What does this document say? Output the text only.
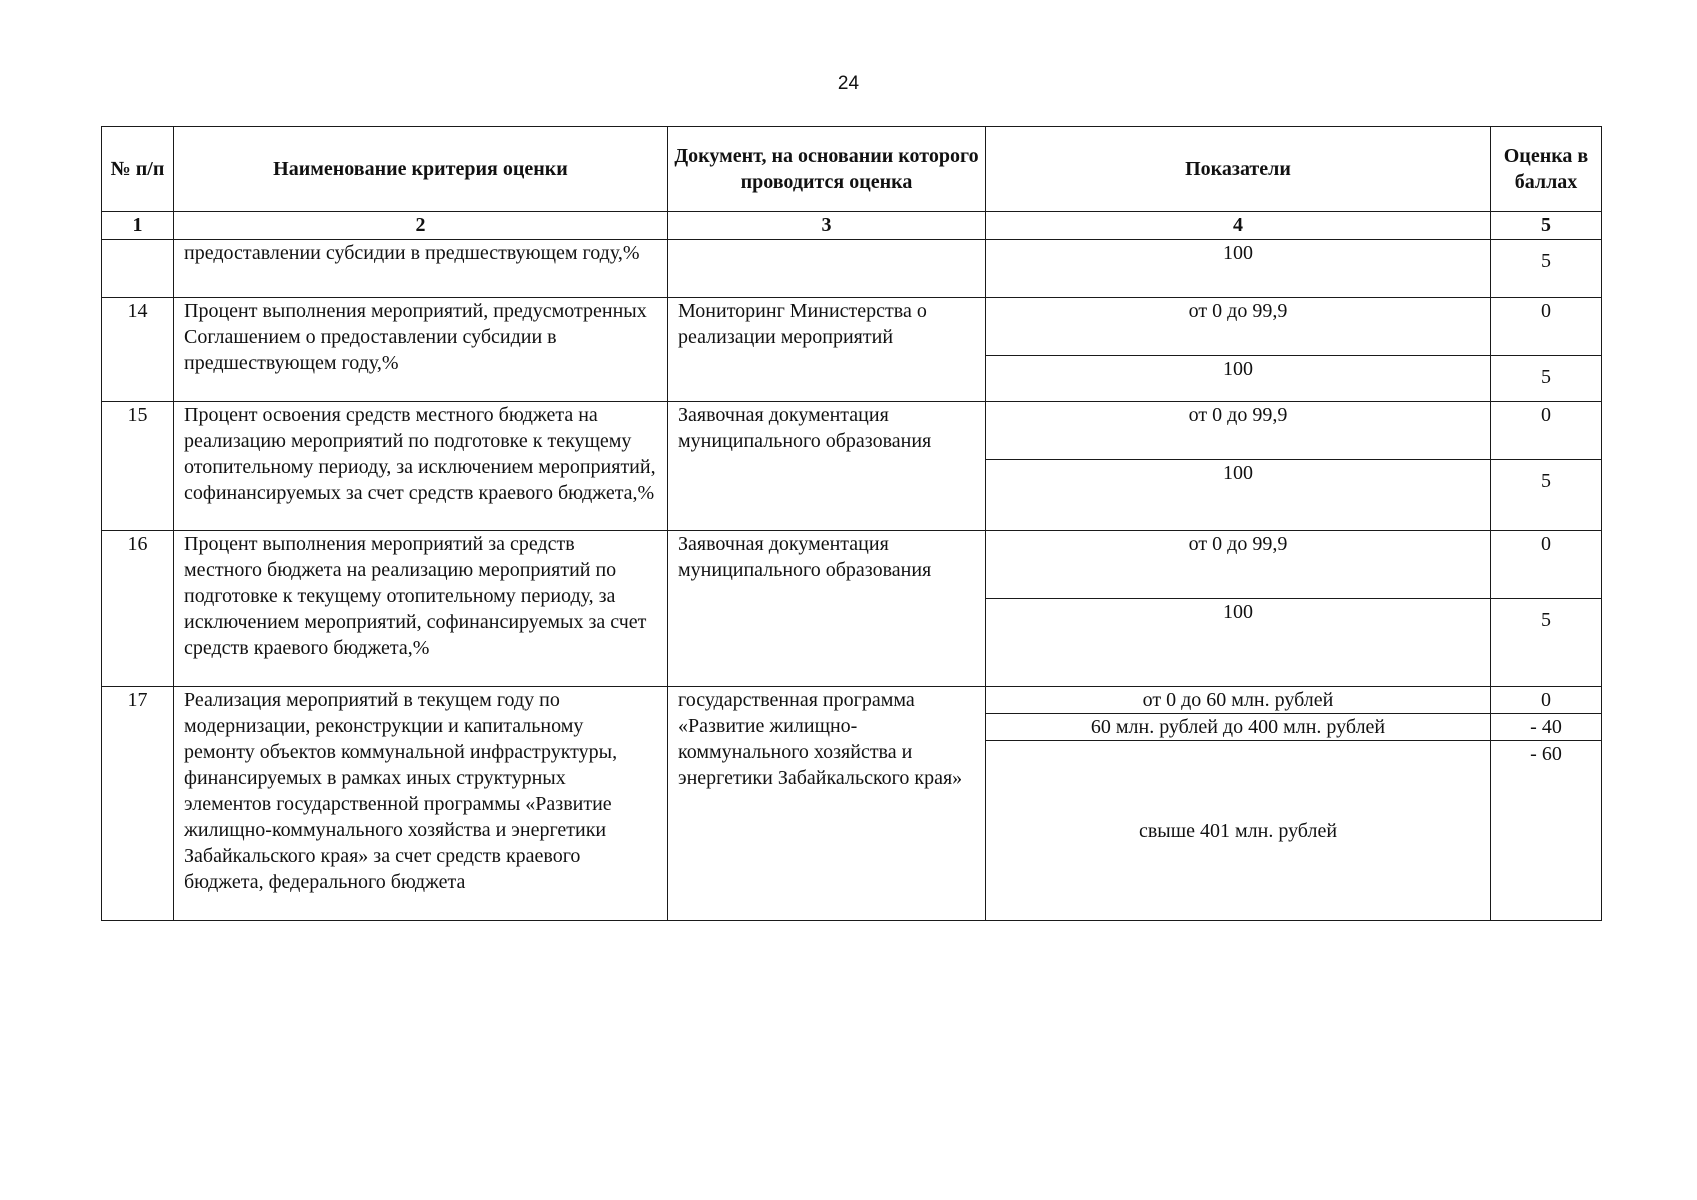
24
№ п/п	Наименование критерия оценки	Документ, на основании которого проводится оценка	Показатели	Оценка в баллах
1	2	3	4	5
	предоставлении субсидии в предшествующем году,%		100	5
14	Процент выполнения мероприятий, предусмотренных Соглашением о предоставлении субсидии в предшествующем году,%	Мониторинг Министерства о реализации мероприятий	от 0 до 99,9	0
			100	5
15	Процент освоения средств местного бюджета на реализацию мероприятий по подготовке к текущему отопительному периоду, за исключением мероприятий, софинансируемых за счет средств краевого бюджета,%	Заявочная документация муниципального образования	от 0 до 99,9	0
			100	5
16	Процент выполнения мероприятий за средств местного бюджета на реализацию мероприятий по подготовке к текущему отопительному периоду, за исключением мероприятий, софинансируемых за счет средств краевого бюджета,%	Заявочная документация муниципального образования	от 0 до 99,9	0
			100	5
17	Реализация мероприятий в текущем году по модернизации, реконструкции и капитальному ремонту объектов коммунальной инфраструктуры, финансируемых в рамках иных структурных элементов государственной программы «Развитие жилищно-коммунального хозяйства и энергетики Забайкальского края» за счет средств краевого бюджета, федерального бюджета	государственная программа «Развитие жилищно-коммунального хозяйства и энергетики Забайкальского края»	от 0 до 60 млн. рублей	0
			60 млн. рублей до 400 млн. рублей	- 40
			свыше 401 млн. рублей	- 60
